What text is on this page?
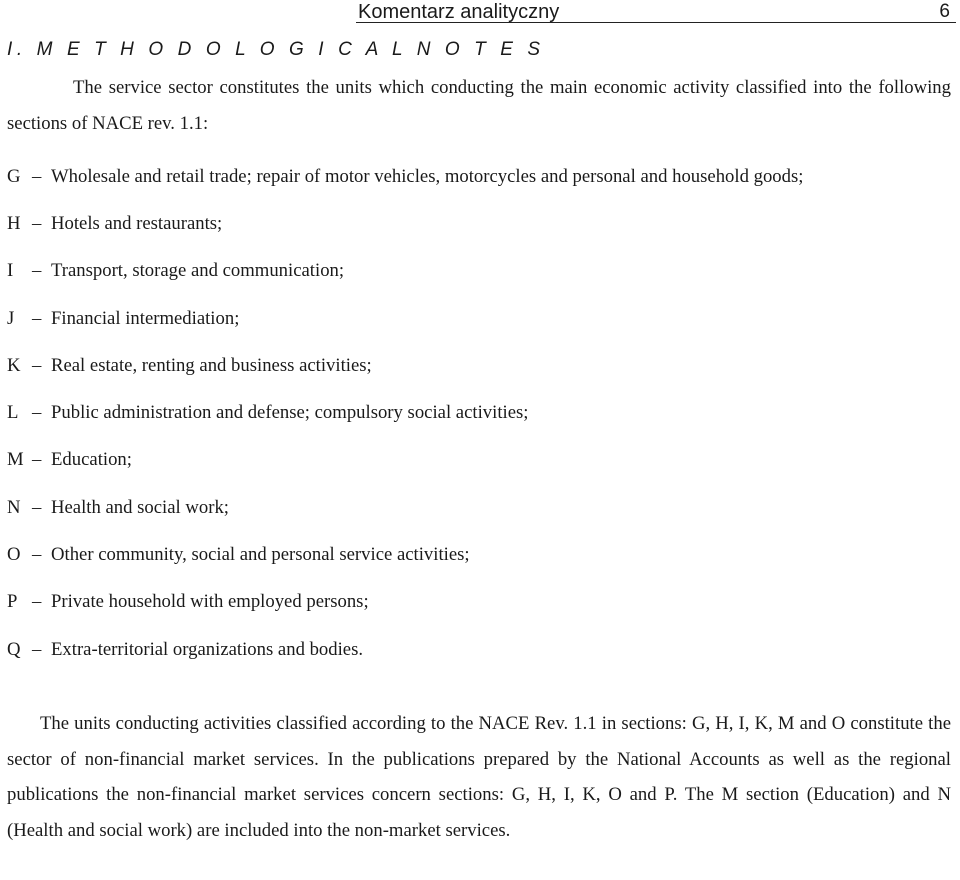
Komentarz analityczny	6
I. M E T H O D O L O G I C A L N O T E S

The service sector constitutes the units which conducting the main economic activity classified into the following sections of NACE rev. 1.1:

G – Wholesale and retail trade; repair of motor vehicles, motorcycles and personal and household goods;
H – Hotels and restaurants;
I	– Transport, storage and communication;
J – Financial intermediation;
K – Real estate, renting and business activities;
L – Public administration and defense; compulsory social activities;
M – Education;
N – Health and social work;
O – Other community, social and personal service activities;
P – Private household with employed persons;
Q – Extra-territorial organizations and bodies.

The units conducting activities classified according to the NACE Rev. 1.1 in sections: G, H, I, K, M and O constitute the sector of non-financial market services. In the publications prepared by the National Accounts as well as the regional publications the non-financial market services concern sections: G, H, I, K, O and P. The M section (Education) and N (Health and social work) are included into the non-market services.
